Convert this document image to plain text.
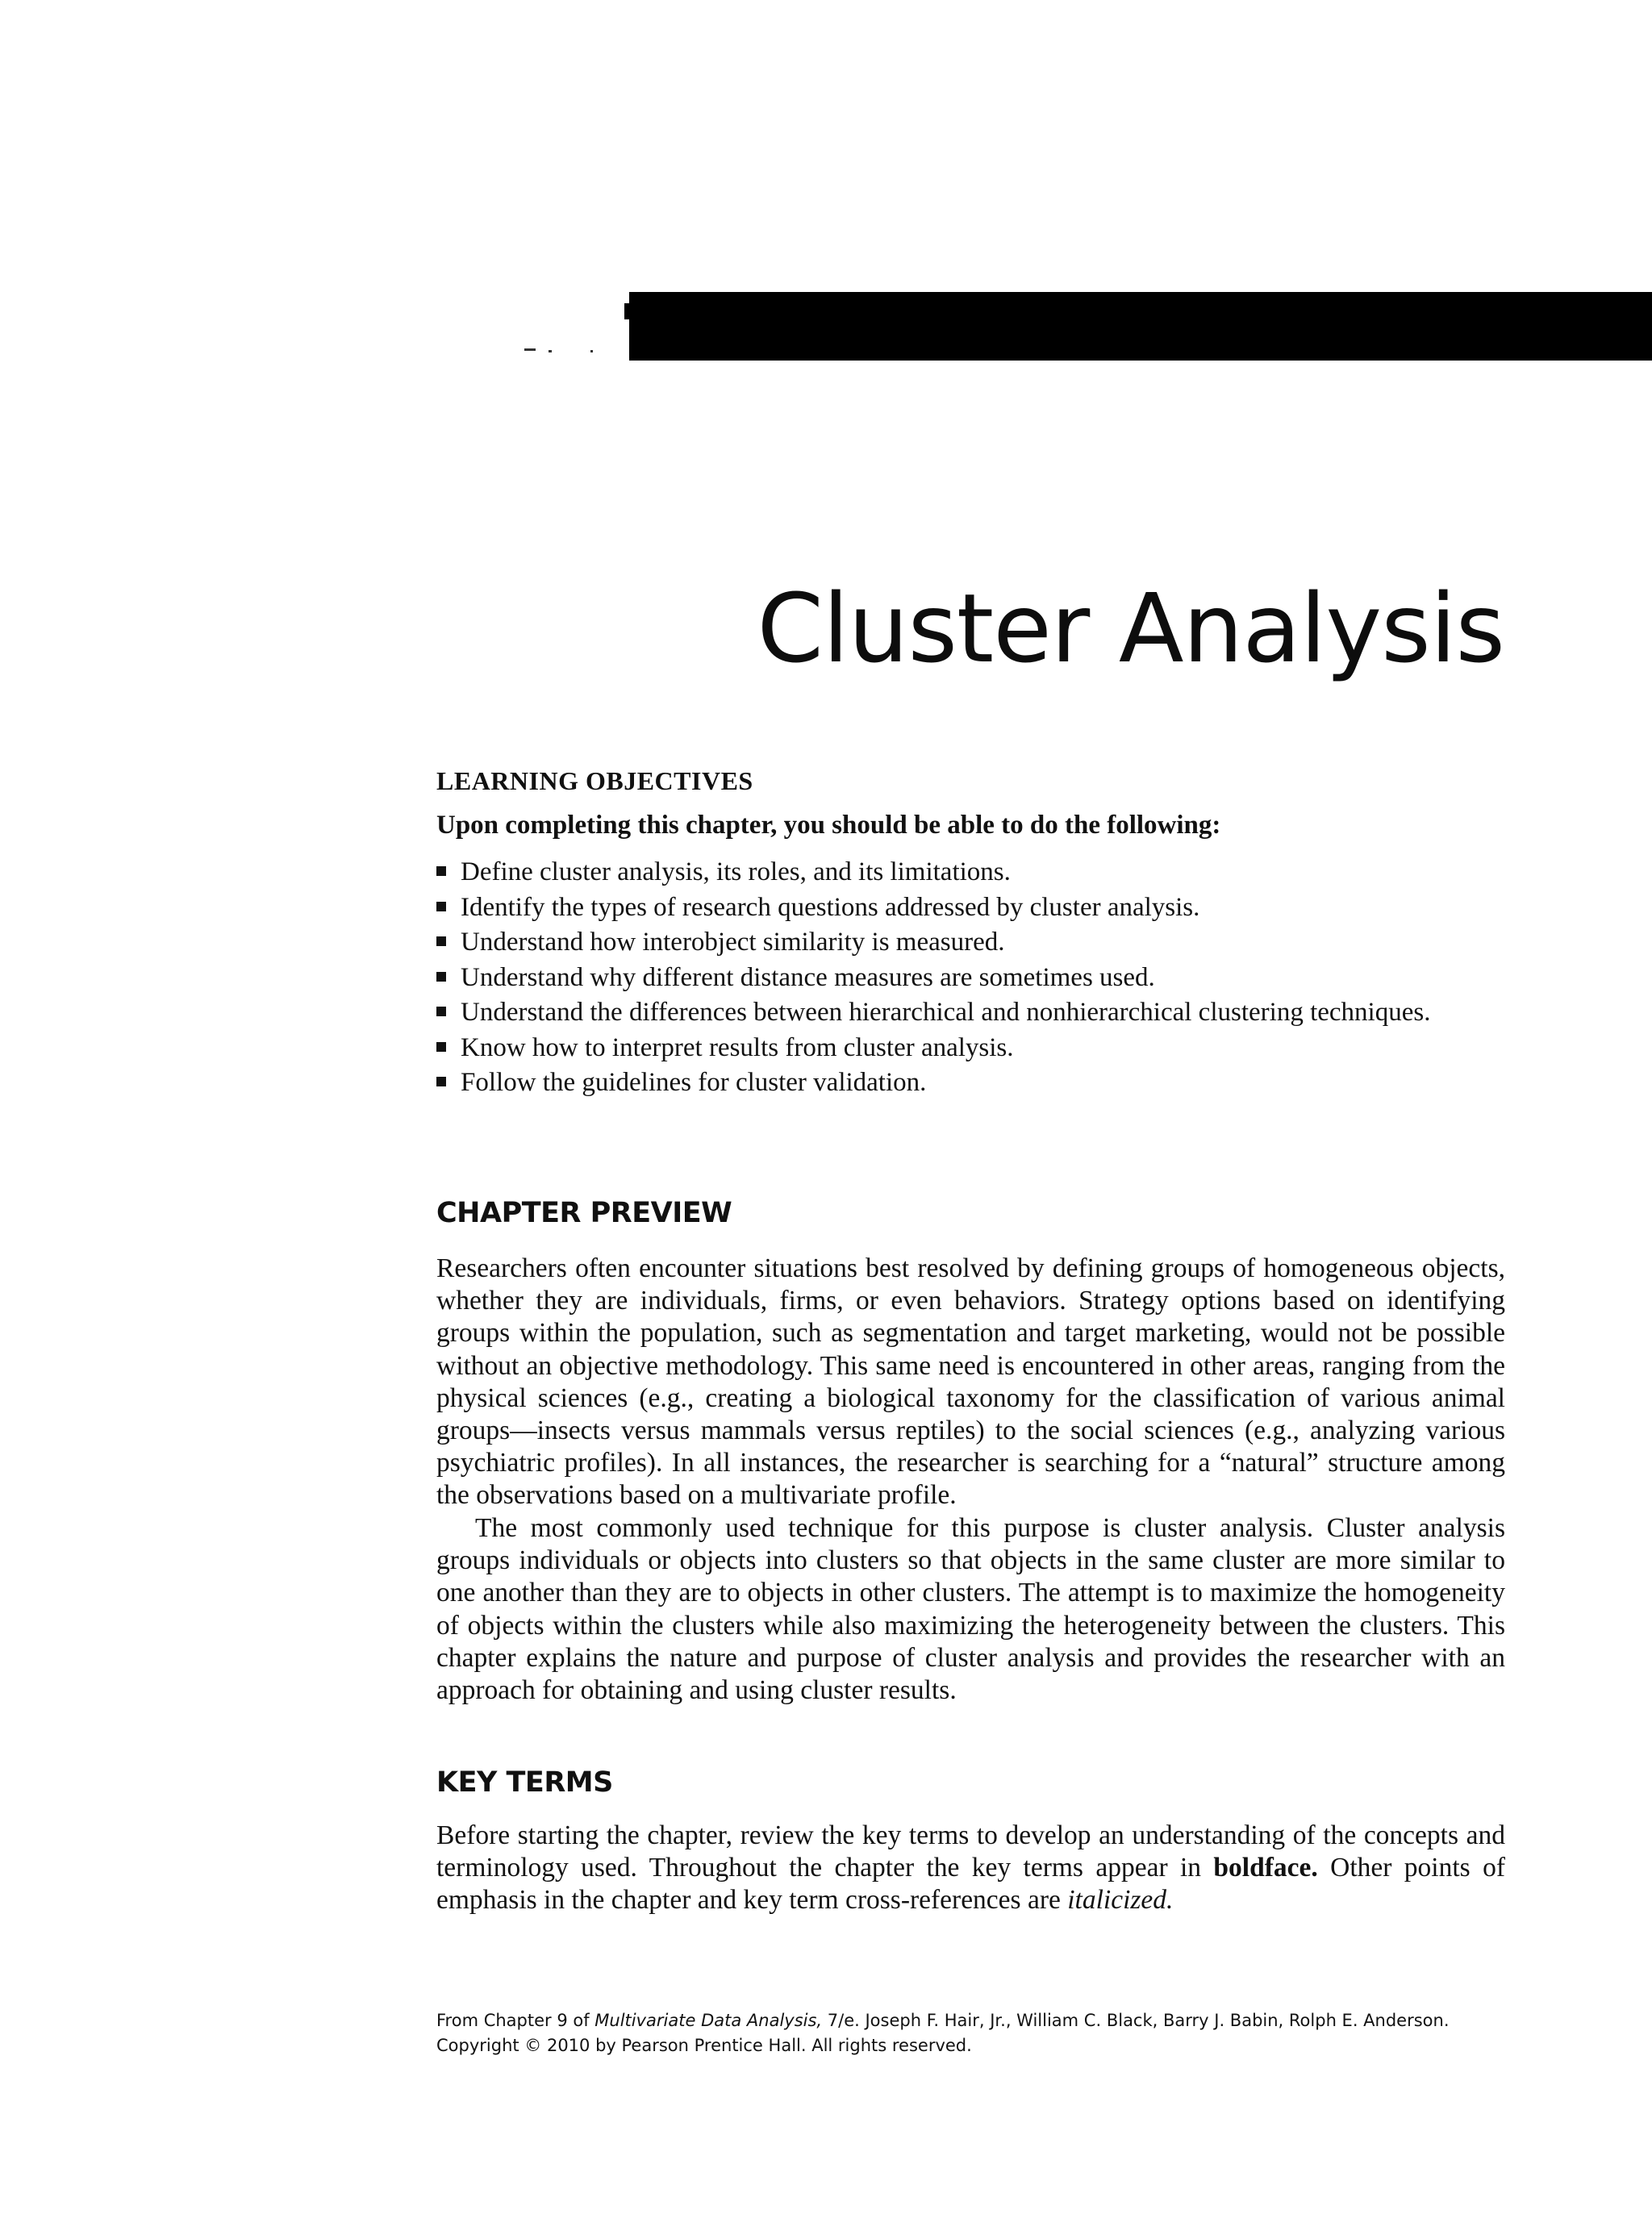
Cluster Analysis
LEARNING OBJECTIVES

Upon completing this chapter, you should be able to do the following:

Define cluster analysis, its roles, and its limitations.
Identify the types of research questions addressed by cluster analysis.
Understand how interobject similarity is measured.
Understand why different distance measures are sometimes used.
Understand the differences between hierarchical and nonhierarchical clustering techniques.
Know how to interpret results from cluster analysis.
Follow the guidelines for cluster validation.
CHAPTER PREVIEW

Researchers often encounter situations best resolved by defining groups of homogeneous objects, whether they are individuals, firms, or even behaviors. Strategy options based on identifying groups within the population, such as segmentation and target marketing, would not be possible without an objective methodology. This same need is encountered in other areas, ranging from the physical sciences (e.g., creating a biological taxonomy for the classification of various animal groups—insects versus mammals versus reptiles) to the social sciences (e.g., analyzing various psychiatric profiles). In all instances, the researcher is searching for a “natural” structure among the observations based on a multivariate profile.

The most commonly used technique for this purpose is cluster analysis. Cluster analysis groups individuals or objects into clusters so that objects in the same cluster are more similar to one another than they are to objects in other clusters. The attempt is to maximize the homogeneity of objects within the clusters while also maximizing the heterogeneity between the clusters. This chapter explains the nature and purpose of cluster analysis and provides the researcher with an approach for obtaining and using cluster results.

KEY TERMS

Before starting the chapter, review the key terms to develop an understanding of the concepts and terminology used. Throughout the chapter the key terms appear in boldface. Other points of emphasis in the chapter and key term cross-references are italicized.

From Chapter 9 of Multivariate Data Analysis, 7/e. Joseph F. Hair, Jr., William C. Black, Barry J. Babin, Rolph E. Anderson.
Copyright © 2010 by Pearson Prentice Hall. All rights reserved.
